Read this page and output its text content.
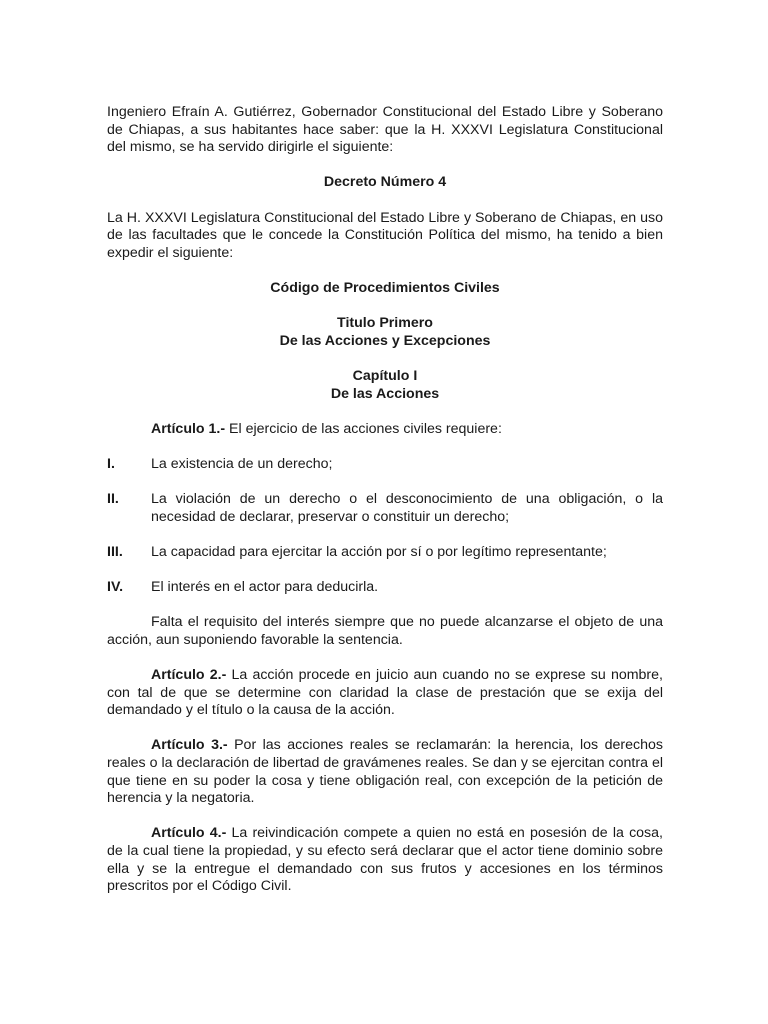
Ingeniero Efraín A. Gutiérrez, Gobernador Constitucional del Estado Libre y Soberano de Chiapas, a sus habitantes hace saber: que la H. XXXVI Legislatura Constitucional del mismo, se ha servido dirigirle el siguiente:

Decreto Número 4

La H. XXXVI Legislatura Constitucional del Estado Libre y Soberano de Chiapas, en uso de las facultades que le concede la Constitución Política del mismo, ha tenido a bien expedir el siguiente:

Código de Procedimientos Civiles

Titulo Primero

De las Acciones y Excepciones

Capítulo I

De las Acciones

Artículo 1.- El ejercicio de las acciones civiles requiere:

I.	La existencia de un derecho;
II.	La violación de un derecho o el desconocimiento de una obligación, o la necesidad de declarar, preservar o constituir un derecho;
III.	La capacidad para ejercitar la acción por sí o por legítimo representante;
IV.	El interés en el actor para deducirla.

Falta el requisito del interés siempre que no puede alcanzarse el objeto de una acción, aun suponiendo favorable la sentencia.

Artículo 2.- La acción procede en juicio aun cuando no se exprese su nombre, con tal de que se determine con claridad la clase de prestación que se exija del demandado y el título o la causa de la acción.

Artículo 3.- Por las acciones reales se reclamarán: la herencia, los derechos reales o la declaración de libertad de gravámenes reales. Se dan y se ejercitan contra el que tiene en su poder la cosa y tiene obligación real, con excepción de la petición de herencia y la negatoria.

Artículo 4.- La reivindicación compete a quien no está en posesión de la cosa, de la cual tiene la propiedad, y su efecto será declarar que el actor tiene dominio sobre ella y se la entregue el demandado con sus frutos y accesiones en los términos prescritos por el Código Civil.
